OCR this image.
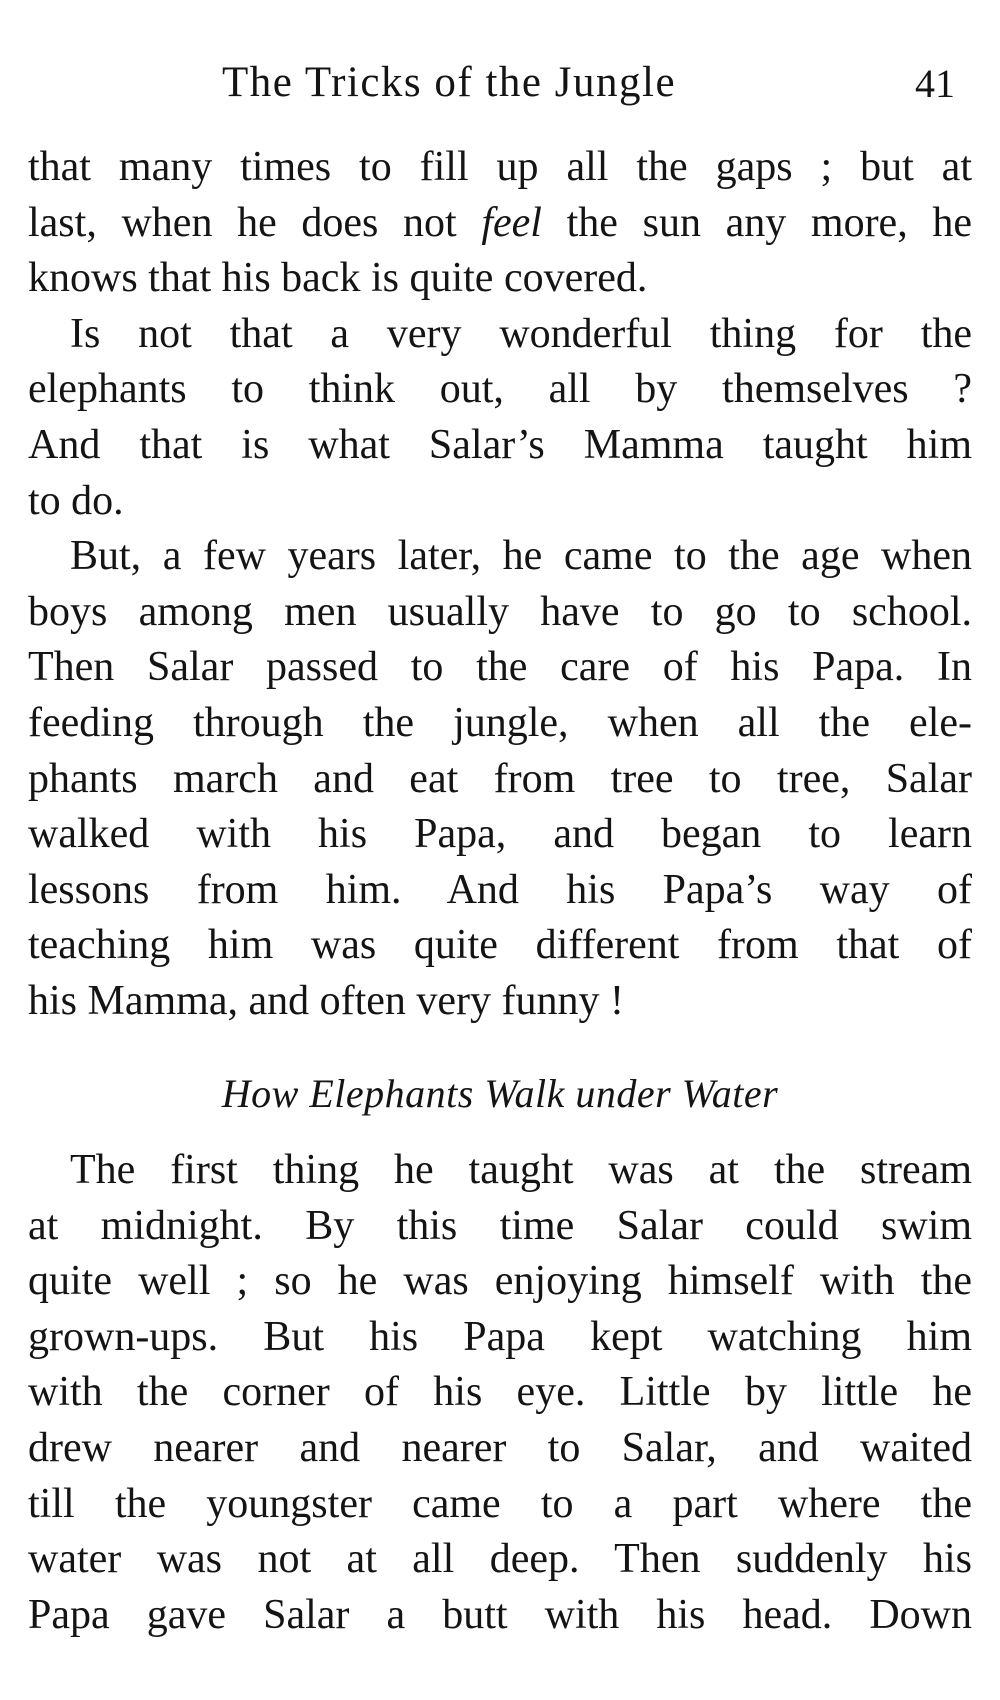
The Tricks of the Jungle	41
that many times to fill up all the gaps ; but at
last, when he does not feel the sun any more, he
knows that his back is quite covered.
Is not that a very wonderful thing for the
elephants to think out, all by themselves ?
And that is what Salar’s Mamma taught him
to do.
But, a few years later, he came to the age when
boys among men usually have to go to school.
Then Salar passed to the care of his Papa. In
feeding through the jungle, when all the ele-
phants march and eat from tree to tree, Salar
walked with his Papa, and began to learn
lessons from him. And his Papa’s way of
teaching him was quite different from that of
his Mamma, and often very funny !
How Elephants Walk under Water
The first thing he taught was at the stream
at midnight. By this time Salar could swim
quite well ; so he was enjoying himself with the
grown-ups. But his Papa kept watching him
with the corner of his eye. Little by little he
drew nearer and nearer to Salar, and waited
till the youngster came to a part where the
water was not at all deep. Then suddenly his
Papa gave Salar a butt with his head. Down
